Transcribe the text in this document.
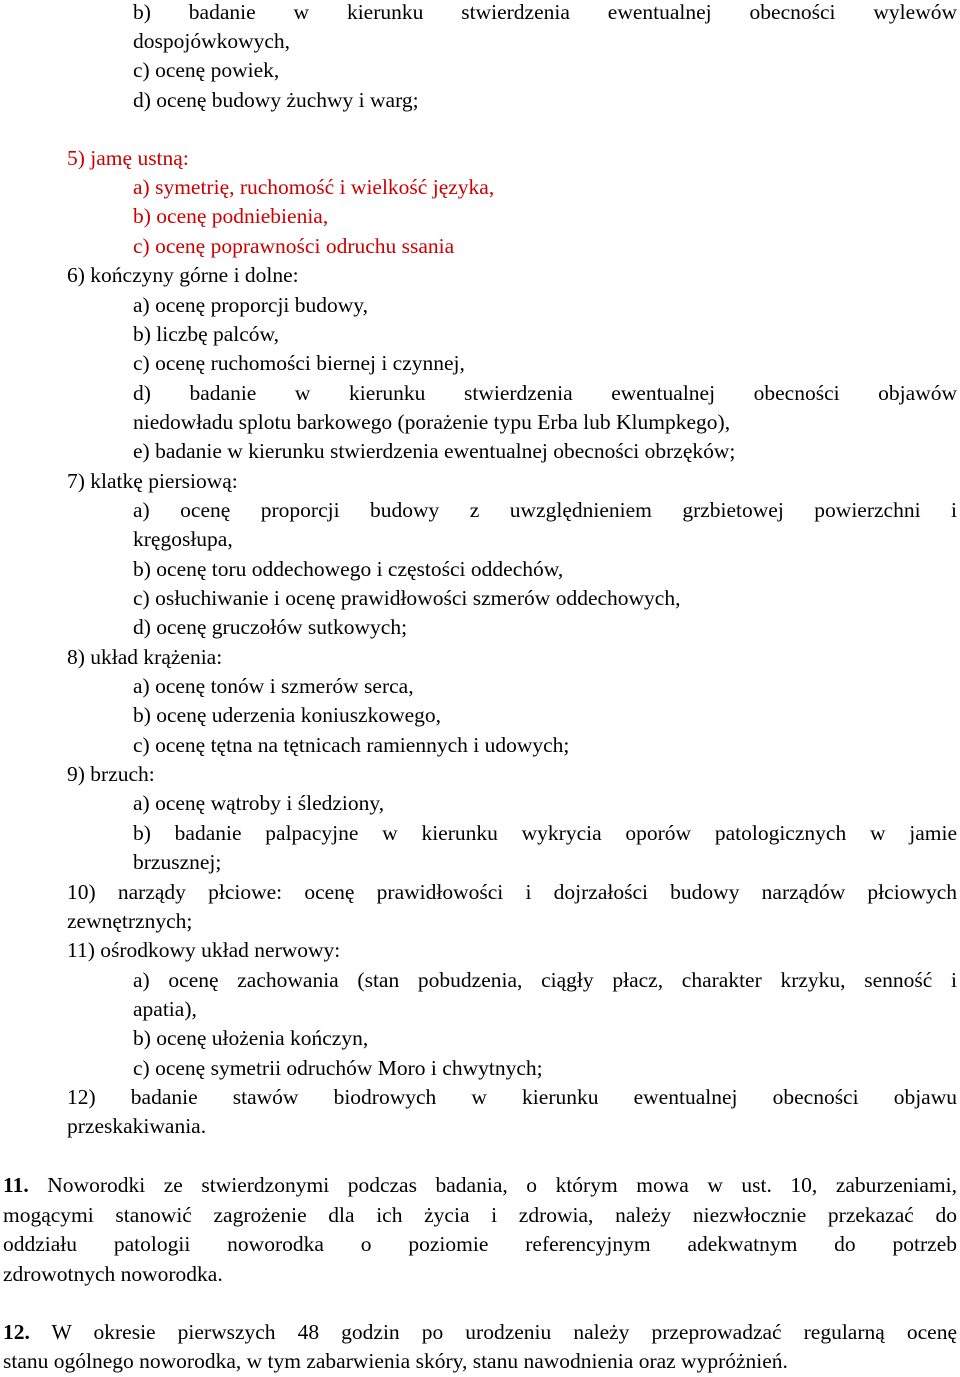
b) badanie w kierunku stwierdzenia ewentualnej obecności wylewów
dospojówkowych,
c) ocenę powiek,
d) ocenę budowy żuchwy i warg;
5) jamę ustną:
a) symetrię, ruchomość i wielkość języka,
b) ocenę podniebienia,
c) ocenę poprawności odruchu ssania
6) kończyny górne i dolne:
a) ocenę proporcji budowy,
b) liczbę palców,
c) ocenę ruchomości biernej i czynnej,
d) badanie w kierunku stwierdzenia ewentualnej obecności objawów
niedowładu splotu barkowego (porażenie typu Erba lub Klumpkego),
e) badanie w kierunku stwierdzenia ewentualnej obecności obrzęków;
7) klatkę piersiową:
a) ocenę proporcji budowy z uwzględnieniem grzbietowej powierzchni i
kręgosłupa,
b) ocenę toru oddechowego i częstości oddechów,
c) osłuchiwanie i ocenę prawidłowości szmerów oddechowych,
d) ocenę gruczołów sutkowych;
8) układ krążenia:
a) ocenę tonów i szmerów serca,
b) ocenę uderzenia koniuszkowego,
c) ocenę tętna na tętnicach ramiennych i udowych;
9) brzuch:
a) ocenę wątroby i śledziony,
b) badanie palpacyjne w kierunku wykrycia oporów patologicznych w jamie
brzusznej;
10) narządy płciowe: ocenę prawidłowości i dojrzałości budowy narządów płciowych
zewnętrznych;
11) ośrodkowy układ nerwowy:
a) ocenę zachowania (stan pobudzenia, ciągły płacz, charakter krzyku, senność i
apatia),
b) ocenę ułożenia kończyn,
c) ocenę symetrii odruchów Moro i chwytnych;
12) badanie stawów biodrowych w kierunku ewentualnej obecności objawu
przeskakiwania.
11. Noworodki ze stwierdzonymi podczas badania, o którym mowa w ust. 10, zaburzeniami,
mogącymi stanowić zagrożenie dla ich życia i zdrowia, należy niezwłocznie przekazać do
oddziału patologii noworodka o poziomie referencyjnym adekwatnym do potrzeb
zdrowotnych noworodka.
12. W okresie pierwszych 48 godzin po urodzeniu należy przeprowadzać regularną ocenę
stanu ogólnego noworodka, w tym zabarwienia skóry, stanu nawodnienia oraz wypróżnień.
